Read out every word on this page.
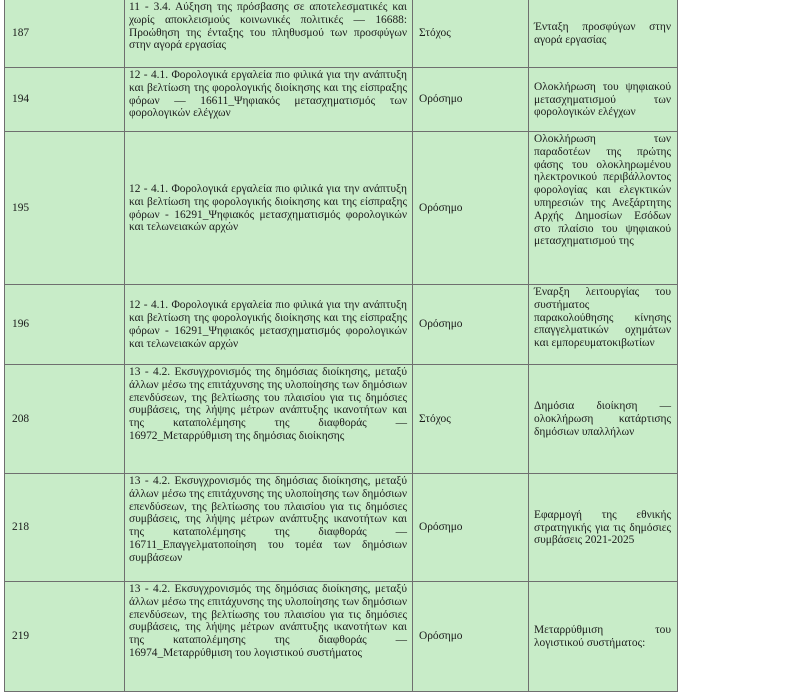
187	11 - 3.4. Αύξηση της πρόσβασης σε αποτελεσματικές και χωρίς αποκλεισμούς κοινωνικές πολιτικές — 16688: Προώθηση της ένταξης του πληθυσμού των προσφύγων στην αγορά εργασίας	Στόχος	Ένταξη προσφύγων στην αγορά εργασίας
194	12 - 4.1. Φορολογικά εργαλεία πιο φιλικά για την ανάπτυξη και βελτίωση της φορολογικής διοίκησης και της είσπραξης φόρων — 16611_Ψηφιακός μετασχηματισμός των φορολογικών ελέγχων	Ορόσημο	Ολοκλήρωση του ψηφιακού μετασχηματισμού των φορολογικών ελέγχων
195	12 - 4.1. Φορολογικά εργαλεία πιο φιλικά για την ανάπτυξη και βελτίωση της φορολογικής διοίκησης και της είσπραξης φόρων - 16291_Ψηφιακός μετασχηματισμός φορολογικών και τελωνειακών αρχών	Ορόσημο	Ολοκλήρωση των παραδοτέων της πρώτης φάσης του ολοκληρωμένου ηλεκτρονικού περιβάλλοντος φορολογίας και ελεγκτικών υπηρεσιών της Ανεξάρτητης Αρχής Δημοσίων Εσόδων στο πλαίσιο του ψηφιακού μετασχηματισμού της
196	12 - 4.1. Φορολογικά εργαλεία πιο φιλικά για την ανάπτυξη και βελτίωση της φορολογικής διοίκησης και της είσπραξης φόρων - 16291_Ψηφιακός μετασχηματισμός φορολογικών και τελωνειακών αρχών	Ορόσημο	Έναρξη λειτουργίας του συστήματος παρακολούθησης κίνησης επαγγελματικών οχημάτων και εμπορευματοκιβωτίων
208	13 - 4.2. Εκσυγχρονισμός της δημόσιας διοίκησης, μεταξύ άλλων μέσω της επιτάχυνσης της υλοποίησης των δημόσιων επενδύσεων, της βελτίωσης του πλαισίου για τις δημόσιες συμβάσεις, της λήψης μέτρων ανάπτυξης ικανοτήτων και της καταπολέμησης της διαφθοράς — 16972_Μεταρρύθμιση της δημόσιας διοίκησης	Στόχος	Δημόσια διοίκηση — ολοκλήρωση κατάρτισης δημόσιων υπαλλήλων
218	13 - 4.2. Εκσυγχρονισμός της δημόσιας διοίκησης, μεταξύ άλλων μέσω της επιτάχυνσης της υλοποίησης των δημόσιων επενδύσεων, της βελτίωσης του πλαισίου για τις δημόσιες συμβάσεις, της λήψης μέτρων ανάπτυξης ικανοτήτων και της καταπολέμησης της διαφθοράς — 16711_Επαγγελματοποίηση του τομέα των δημόσιων συμβάσεων	Ορόσημο	Εφαρμογή της εθνικής στρατηγικής για τις δημόσιες συμβάσεις 2021-2025
219	13 - 4.2. Εκσυγχρονισμός της δημόσιας διοίκησης, μεταξύ άλλων μέσω της επιτάχυνσης της υλοποίησης των δημόσιων επενδύσεων, της βελτίωσης του πλαισίου για τις δημόσιες συμβάσεις, της λήψης μέτρων ανάπτυξης ικανοτήτων και της καταπολέμησης της διαφθοράς — 16974_Μεταρρύθμιση του λογιστικού συστήματος	Ορόσημο	Μεταρρύθμιση του λογιστικού συστήματος:
